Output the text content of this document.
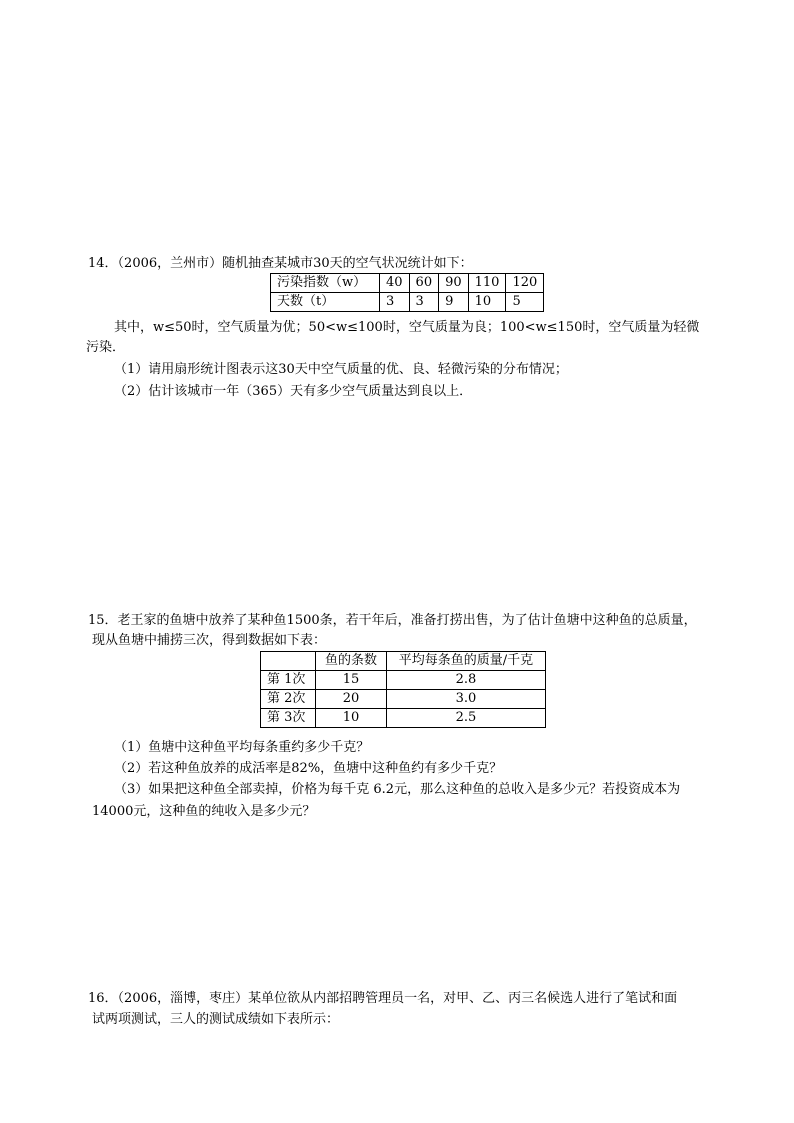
14．（2006，兰州市）随机抽查某城市30天的空气状况统计如下：
污染指数（w）	40	60	90	110	120
天数（t）	3	3	9	10	5
其中，w≤50时，空气质量为优；50<w≤100时，空气质量为良；100<w≤150时，空气质量为轻微
污染．
（1）请用扇形统计图表示这30天中空气质量的优、良、轻微污染的分布情况；
（2）估计该城市一年（365）天有多少空气质量达到良以上．
15．老王家的鱼塘中放养了某种鱼1500条，若干年后，准备打捞出售，为了估计鱼塘中这种鱼的总质量，
现从鱼塘中捕捞三次，得到数据如下表：
	鱼的条数	平均每条鱼的质量/千克
第 1次	15	2.8
第 2次	20	3.0
第 3次	10	2.5
（1）鱼塘中这种鱼平均每条重约多少千克？
（2）若这种鱼放养的成活率是82%，鱼塘中这种鱼约有多少千克？
（3）如果把这种鱼全部卖掉，价格为每千克 6.2元，那么这种鱼的总收入是多少元？若投资成本为
14000元，这种鱼的纯收入是多少元？
16．（2006，淄博，枣庄）某单位欲从内部招聘管理员一名，对甲、乙、丙三名候选人进行了笔试和面
试两项测试，三人的测试成绩如下表所示：
